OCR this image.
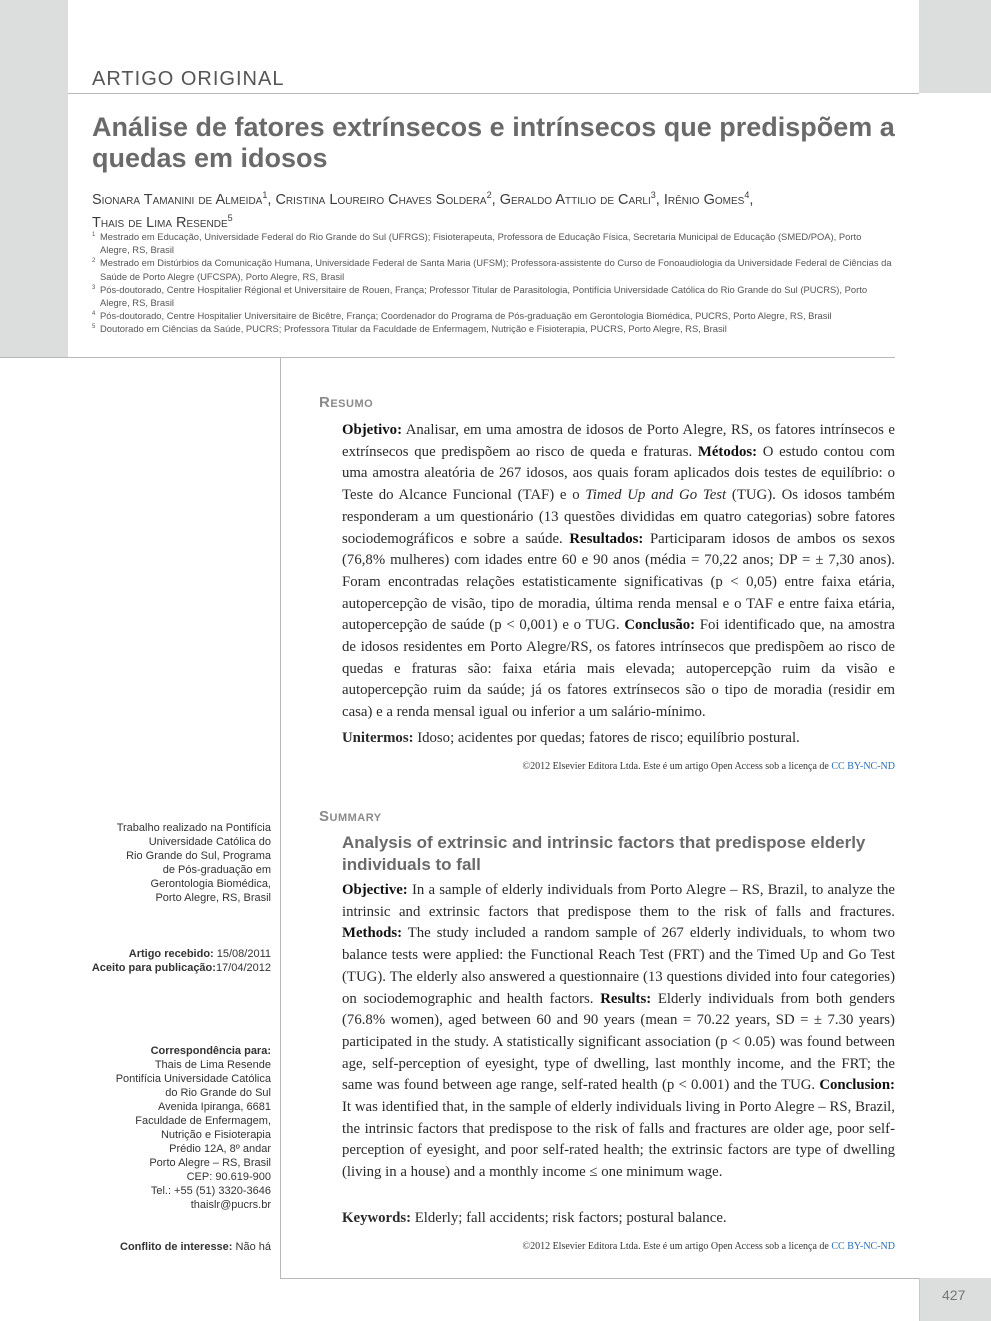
ARTIGO ORIGINAL
Análise de fatores extrínsecos e intrínsecos que predispõem a quedas em idosos
Sionara Tamanini de Almeida$^1$, Cristina Loureiro Chaves Soldera$^2$, Geraldo Attilio de Carli$^3$, Irênio Gomes$^4$,
Thais de Lima Resende$^5$
1 Mestrado em Educação, Universidade Federal do Rio Grande do Sul (UFRGS); Fisioterapeuta, Professora de Educação Física, Secretaria Municipal de Educação (SMED/POA), Porto Alegre, RS, Brasil
2 Mestrado em Distúrbios da Comunicação Humana, Universidade Federal de Santa Maria (UFSM); Professora-assistente do Curso de Fonoaudiologia da Universidade Federal de Ciências da Saúde de Porto Alegre (UFCSPA), Porto Alegre, RS, Brasil
3 Pós-doutorado, Centre Hospitalier Régional et Universitaire de Rouen, França; Professor Titular de Parasitologia, Pontifícia Universidade Católica do Rio Grande do Sul (PUCRS), Porto Alegre, RS, Brasil
4 Pós-doutorado, Centre Hospitalier Universitaire de Bicêtre, França; Coordenador do Programa de Pós-graduação em Gerontologia Biomédica, PUCRS, Porto Alegre, RS, Brasil
5 Doutorado em Ciências da Saúde, PUCRS; Professora Titular da Faculdade de Enfermagem, Nutrição e Fisioterapia, PUCRS, Porto Alegre, RS, Brasil
Resumo
Objetivo: Analisar, em uma amostra de idosos de Porto Alegre, RS, os fatores intrínsecos e extrínsecos que predispõem ao risco de queda e fraturas. Métodos: O estudo contou com uma amostra aleatória de 267 idosos, aos quais foram aplicados dois testes de equilíbrio: o Teste do Alcance Funcional (TAF) e o Timed Up and Go Test (TUG). Os idosos também responderam a um questionário (13 questões divididas em quatro categorias) sobre fatores sociodemográficos e sobre a saúde. Resultados: Participaram idosos de ambos os sexos (76,8% mulheres) com idades entre 60 e 90 anos (média = 70,22 anos; DP = ± 7,30 anos). Foram encontradas relações estatisticamente significativas (p < 0,05) entre faixa etária, autopercepção de visão, tipo de moradia, última renda mensal e o TAF e entre faixa etária, autopercepção de saúde (p < 0,001) e o TUG. Conclusão: Foi identificado que, na amostra de idosos residentes em Porto Alegre/RS, os fatores intrínsecos que predispõem ao risco de quedas e fraturas são: faixa etária mais elevada; autopercepção ruim da visão e autopercepção ruim da saúde; já os fatores extrínsecos são o tipo de moradia (residir em casa) e a renda mensal igual ou inferior a um salário-mínimo.
Unitermos: Idoso; acidentes por quedas; fatores de risco; equilíbrio postural.
©2012 Elsevier Editora Ltda. Este é um artigo Open Access sob a licença de CC BY-NC-ND
Summary
Analysis of extrinsic and intrinsic factors that predispose elderly individuals to fall
Objective: In a sample of elderly individuals from Porto Alegre – RS, Brazil, to analyze the intrinsic and extrinsic factors that predispose them to the risk of falls and fractures. Methods: The study included a random sample of 267 elderly individuals, to whom two balance tests were applied: the Functional Reach Test (FRT) and the Timed Up and Go Test (TUG). The elderly also answered a questionnaire (13 questions divided into four categories) on sociodemographic and health factors. Results: Elderly individuals from both genders (76.8% women), aged between 60 and 90 years (mean = 70.22 years, SD = ± 7.30 years) participated in the study. A statistically significant association (p < 0.05) was found between age, self-perception of eyesight, type of dwelling, last monthly income, and the FRT; the same was found between age range, self-rated health (p < 0.001) and the TUG. Conclusion: It was identified that, in the sample of elderly individuals living in Porto Alegre – RS, Brazil, the intrinsic factors that predispose to the risk of falls and fractures are older age, poor self-perception of eyesight, and poor self-rated health; the extrinsic factors are type of dwelling (living in a house) and a monthly income ≤ one minimum wage.
Keywords: Elderly; fall accidents; risk factors; postural balance.
©2012 Elsevier Editora Ltda. Este é um artigo Open Access sob a licença de CC BY-NC-ND
Trabalho realizado na Pontifícia
Universidade Católica do
Rio Grande do Sul, Programa
de Pós-graduação em
Gerontologia Biomédica,
Porto Alegre, RS, Brasil
Artigo recebido: 15/08/2011
Aceito para publicação:17/04/2012
Correspondência para:
Thais de Lima Resende
Pontifícia Universidade Católica
do Rio Grande do Sul
Avenida Ipiranga, 6681
Faculdade de Enfermagem,
Nutrição e Fisioterapia
Prédio 12A, 8º andar
Porto Alegre – RS, Brasil
CEP: 90.619-900
Tel.: +55 (51) 3320-3646
thaislr@pucrs.br
Conflito de interesse: Não há
427
